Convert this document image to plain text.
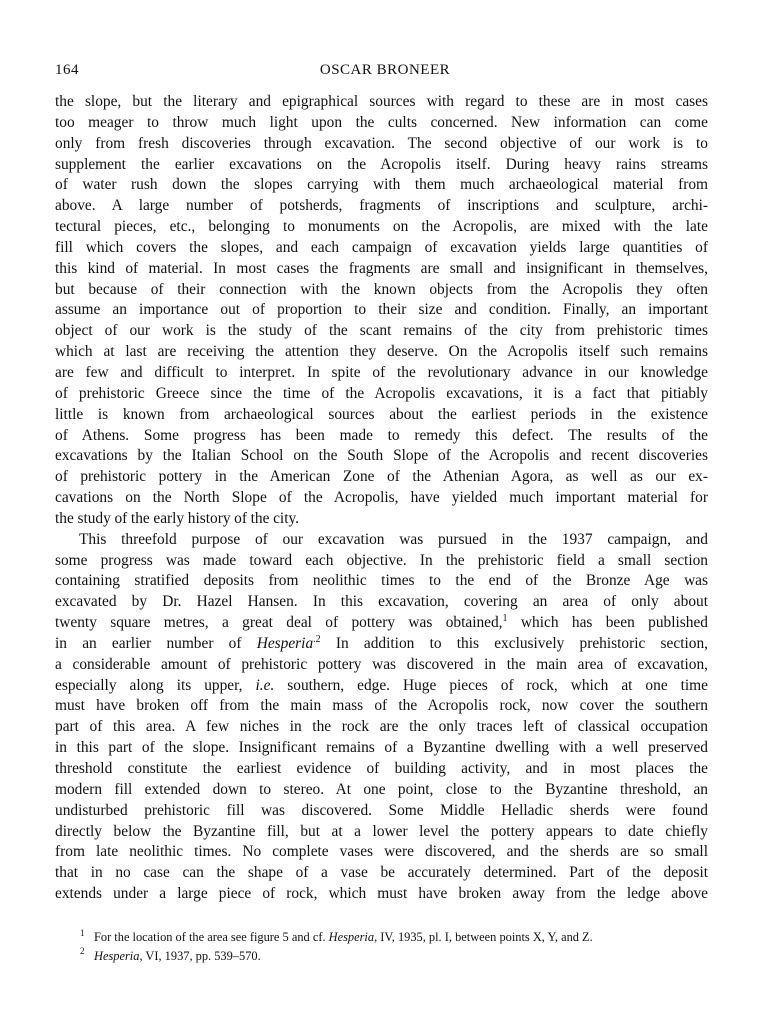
164	OSCAR BRONEER
the slope, but the literary and epigraphical sources with regard to these are in most cases
too meager to throw much light upon the cults concerned. New information can come
only from fresh discoveries through excavation. The second objective of our work is to
supplement the earlier excavations on the Acropolis itself. During heavy rains streams
of water rush down the slopes carrying with them much archaeological material from
above. A large number of potsherds, fragments of inscriptions and sculpture, archi-
tectural pieces, etc., belonging to monuments on the Acropolis, are mixed with the late
fill which covers the slopes, and each campaign of excavation yields large quantities of
this kind of material. In most cases the fragments are small and insignificant in themselves,
but because of their connection with the known objects from the Acropolis they often
assume an importance out of proportion to their size and condition. Finally, an important
object of our work is the study of the scant remains of the city from prehistoric times
which at last are receiving the attention they deserve. On the Acropolis itself such remains
are few and difficult to interpret. In spite of the revolutionary advance in our knowledge
of prehistoric Greece since the time of the Acropolis excavations, it is a fact that pitiably
little is known from archaeological sources about the earliest periods in the existence
of Athens. Some progress has been made to remedy this defect. The results of the
excavations by the Italian School on the South Slope of the Acropolis and recent discoveries
of prehistoric pottery in the American Zone of the Athenian Agora, as well as our ex-
cavations on the North Slope of the Acropolis, have yielded much important material for
the study of the early history of the city.
This threefold purpose of our excavation was pursued in the 1937 campaign, and
some progress was made toward each objective. In the prehistoric field a small section
containing stratified deposits from neolithic times to the end of the Bronze Age was
excavated by Dr. Hazel Hansen. In this excavation, covering an area of only about
twenty square metres, a great deal of pottery was obtained,$^1$ which has been published
in an earlier number of Hesperia$^{.2}$ In addition to this exclusively prehistoric section,
a considerable amount of prehistoric pottery was discovered in the main area of excavation,
especially along its upper, i.e. southern, edge. Huge pieces of rock, which at one time
must have broken off from the main mass of the Acropolis rock, now cover the southern
part of this area. A few niches in the rock are the only traces left of classical occupation
in this part of the slope. Insignificant remains of a Byzantine dwelling with a well preserved
threshold constitute the earliest evidence of building activity, and in most places the
modern fill extended down to stereo. At one point, close to the Byzantine threshold, an
undisturbed prehistoric fill was discovered. Some Middle Helladic sherds were found
directly below the Byzantine fill, but at a lower level the pottery appears to date chiefly
from late neolithic times. No complete vases were discovered, and the sherds are so small
that in no case can the shape of a vase be accurately determined. Part of the deposit
extends under a large piece of rock, which must have broken away from the ledge above
1 For the location of the area see figure 5 and cf. Hesperia, IV, 1935, pl. I, between points X, Y, and Z.
2 Hesperia, VI, 1937, pp. 539–570.
